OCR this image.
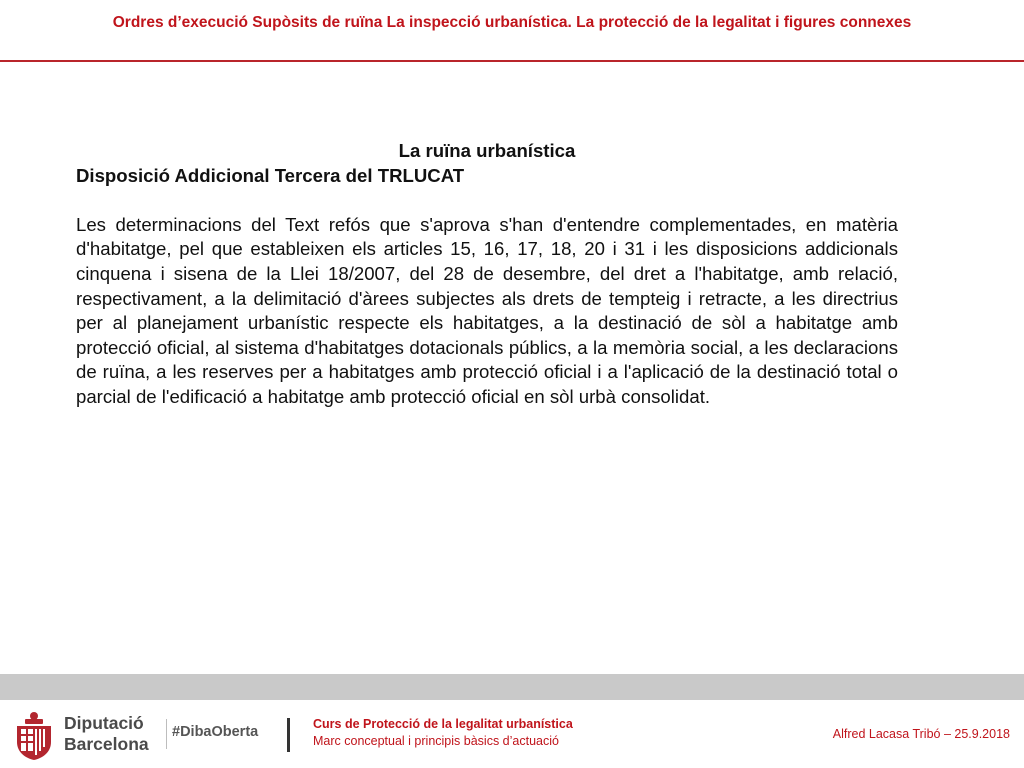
Ordres d’execució Supòsits de ruïna La inspecció urbanística. La protecció de la legalitat i figures connexes

La ruïna urbanística

Disposició Addicional Tercera del TRLUCAT

Les determinacions del Text refós que s'aprova s'han d'entendre complementades, en matèria d'habitatge, pel que estableixen els articles 15, 16, 17, 18, 20 i 31 i les disposicions addicionals cinquena i sisena de la Llei 18/2007, del 28 de desembre, del dret a l'habitatge, amb relació, respectivament, a la delimitació d'àrees subjectes als drets de tempteig i retracte, a les directrius per al planejament urbanístic respecte els habitatges, a la destinació de sòl a habitatge amb protecció oficial, al sistema d'habitatges dotacionals públics, a la memòria social, a les declaracions de ruïna, a les reserves per a habitatges amb protecció oficial i a l'aplicació de la destinació total o parcial de l'edificació a habitatge amb protecció oficial en sòl urbà consolidat.

Diputació
Barcelona
#DibaOberta	Curs de Protecció de la legalitat urbanística
Marc conceptual i principis bàsics d’actuació	Alfred Lacasa Tribó – 25.9.2018
